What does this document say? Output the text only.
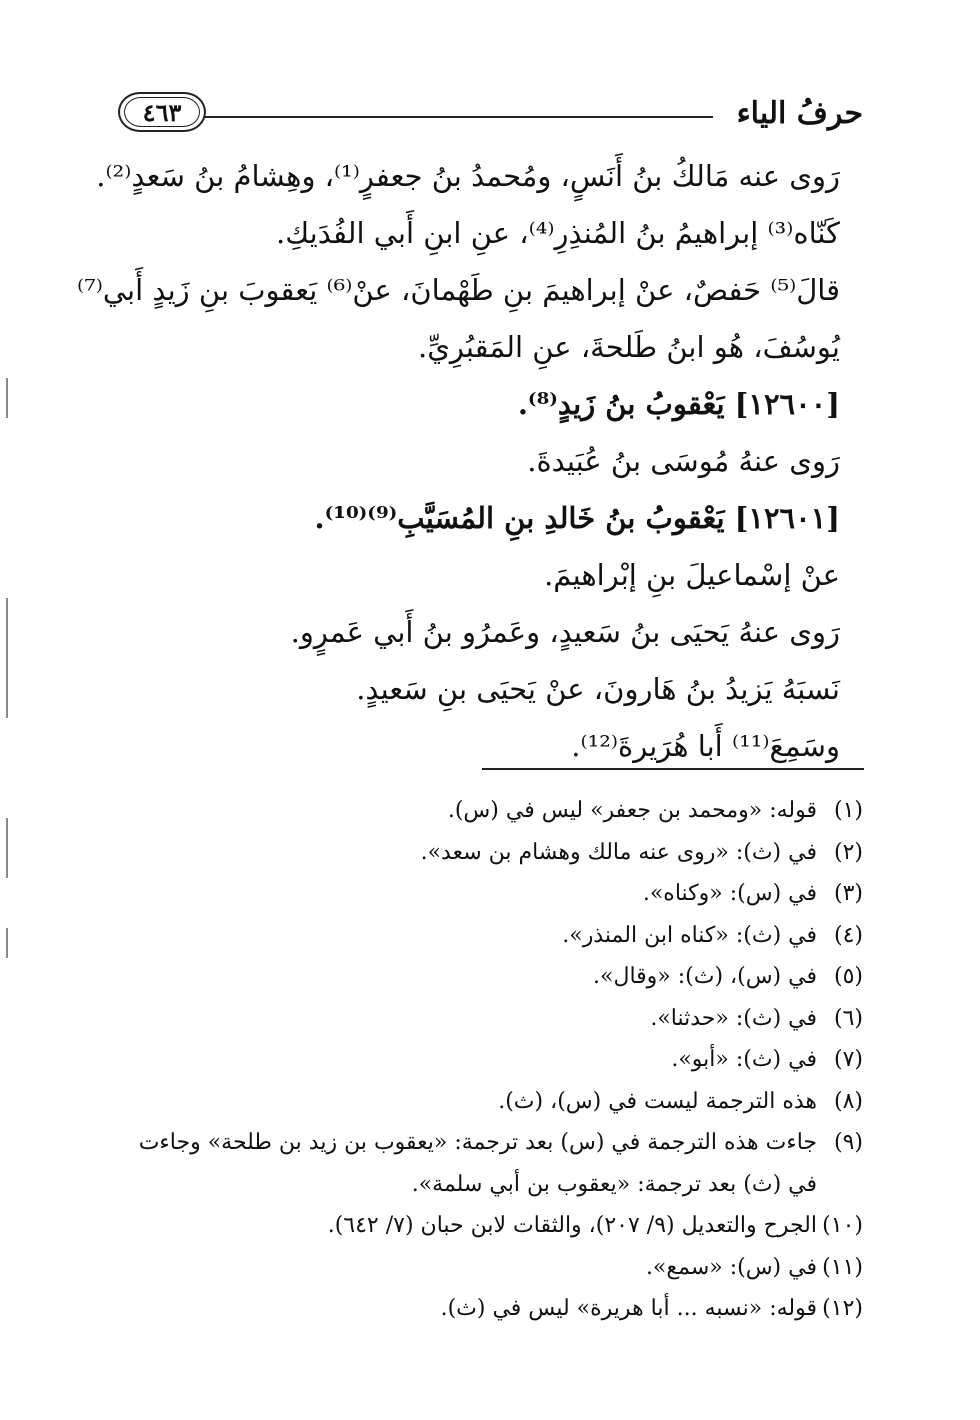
حرفُ الياء
٤٦٣
رَوى عنه مَالكُ بنُ أَنَسٍ، ومُحمدُ بنُ جعفرٍ⁽¹⁾، وهِشامُ بنُ سَعدٍ⁽²⁾.
كَنّاه⁽³⁾ إبراهيمُ بنُ المُنذِرِ⁽⁴⁾، عنِ ابنِ أَبي الفُدَيكِ.
قالَ⁽⁵⁾ حَفصٌ، عنْ إبراهيمَ بنِ طَهْمانَ، عنْ⁽⁶⁾ يَعقوبَ بنِ زَيدٍ أَبي⁽⁷⁾
يُوسُفَ، هُو ابنُ طَلحةَ، عنِ المَقبُرِيِّ.
[١٢٦٠٠] يَعْقوبُ بنُ زَيدٍ⁽⁸⁾.
رَوى عنهُ مُوسَى بنُ عُبَيدةَ.
[١٢٦٠١] يَعْقوبُ بنُ خَالدِ بنِ المُسَيَّبِ⁽⁹⁾⁽¹⁰⁾.
عنْ إسْماعيلَ بنِ إبْراهيمَ.
رَوى عنهُ يَحيَى بنُ سَعيدٍ، وعَمرُو بنُ أَبي عَمرٍو.
نَسبَهُ يَزيدُ بنُ هَارونَ، عنْ يَحيَى بنِ سَعيدٍ.
وسَمِعَ⁽¹¹⁾ أَبا هُرَيرةَ⁽¹²⁾.
(١)
قوله: «ومحمد بن جعفر» ليس في (س).
(٢)
في (ث): «روى عنه مالك وهشام بن سعد».
(٣)
في (س): «وكناه».
(٤)
في (ث): «كناه ابن المنذر».
(٥)
في (س)، (ث): «وقال».
(٦)
في (ث): «حدثنا».
(٧)
في (ث): «أبو».
(٨)
هذه الترجمة ليست في (س)، (ث).
(٩)
جاءت هذه الترجمة في (س) بعد ترجمة: «يعقوب بن زيد بن طلحة» وجاءت في (ث) بعد ترجمة: «يعقوب بن أبي سلمة».
(١٠)
الجرح والتعديل (٩/ ٢٠٧)، والثقات لابن حبان (٧/ ٦٤٢).
(١١)
في (س): «سمع».
(١٢)
قوله: «نسبه ... أبا هريرة» ليس في (ث).
